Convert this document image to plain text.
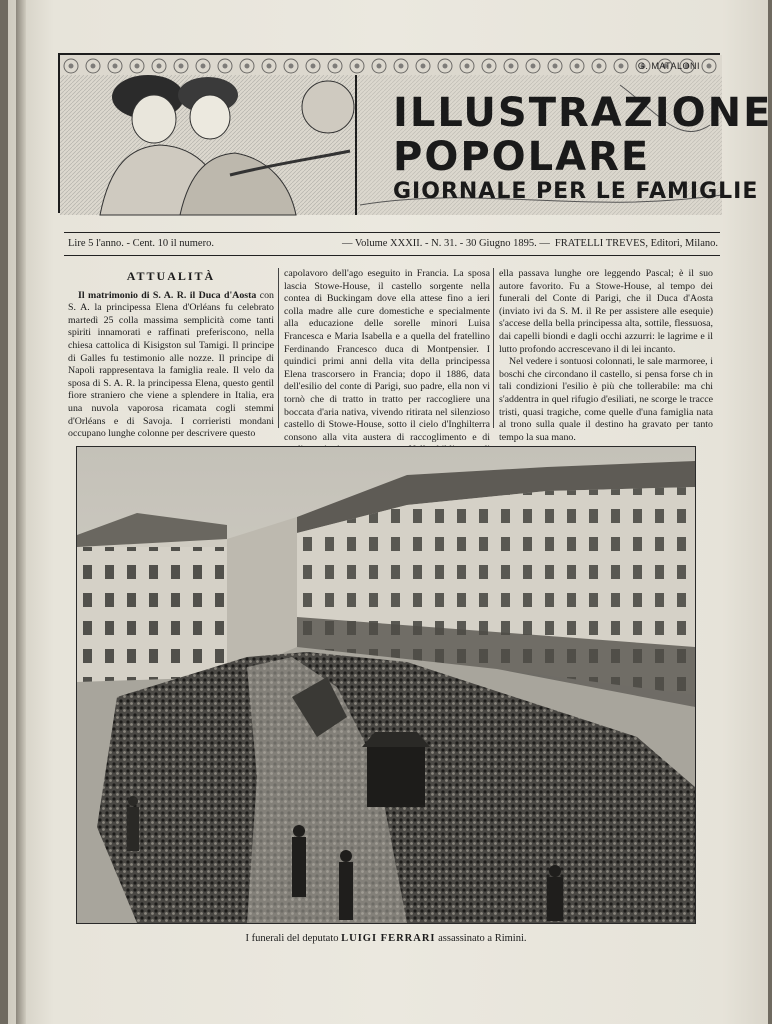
G. MATALONI
ILLUSTRAZIONE
POPOLARE
GIORNALE PER LE FAMIGLIE
Lire 5 l'anno. - Cent. 10 il numero.	— Volume XXXII. - N. 31. - 30 Giugno 1895. — FRATELLI TREVES, Editori, Milano.
ATTUALITÀ

Il matrimonio di S. A. R. il Duca d'Aosta con S. A. la principessa Elena d'Orléans fu celebrato martedì 25 colla massima semplicità come tanti spiriti innamorati e raffinati preferiscono, nella chiesa cattolica di Kisigston sul Tamigi. Il principe di Galles fu testimonio alle nozze. Il principe di Napoli rappresentava la famiglia reale. Il velo da sposa di S. A. R. la principessa Elena, questo gentil fiore straniero che viene a splendere in Italia, era una nuvola vaporosa ricamata cogli stemmi d'Orléans e di Savoja. I corrieristi mondani occupano lunghe colonne per descrivere questo

capolavoro dell'ago eseguito in Francia. La sposa lascia Stowe-House, il castello sorgente nella contea di Buckingam dove ella attese fino a ieri colla madre alle cure domestiche e specialmente alla educazione delle sorelle minori Luisa Francesca e Maria Isabella e a quella del fratellino Ferdinando Francesco duca di Montpensier. I quindici primi anni della vita della principessa Elena trascorsero in Francia; dopo il 1886, data dell'esilio del conte di Parigi, suo padre, ella non vi tornò che di tratto in tratto per raccogliere una boccata d'aria nativa, vivendo ritirata nel silenzioso castello di Stowe-House, sotto il cielo d'Inghilterra consono alla vita austera di raccoglimento e di

ella passava lunghe ore leggendo Pascal; è il suo autore favorito. Fu a Stowe-House, al tempo dei funerali del Conte di Parigi, che il Duca d'Aosta (inviato ivi da S. M. il Re per assistere alle esequie) s'accese della bella principessa alta, sottile, flessuosa, dai capelli biondi e dagli occhi azzurri: le lagrime e il lutto profondo accrescevano il di lei incanto.

Nel vedere i sontuosi colonnati, le sale marmoree, i boschi che circondano il castello, si pensa forse ch in tali condizioni l'esilio è più che tollerabile: ma chi s'addentra in quel rifugio d'esiliati, ne scorge le tracce tristi, quasi tragiche, come quelle d'una famiglia nata al trono sulla quale il destino ha gravato per tanto tempo la sua mano.

I funerali del deputato LUIGI FERRARI assassinato a Rimini.
